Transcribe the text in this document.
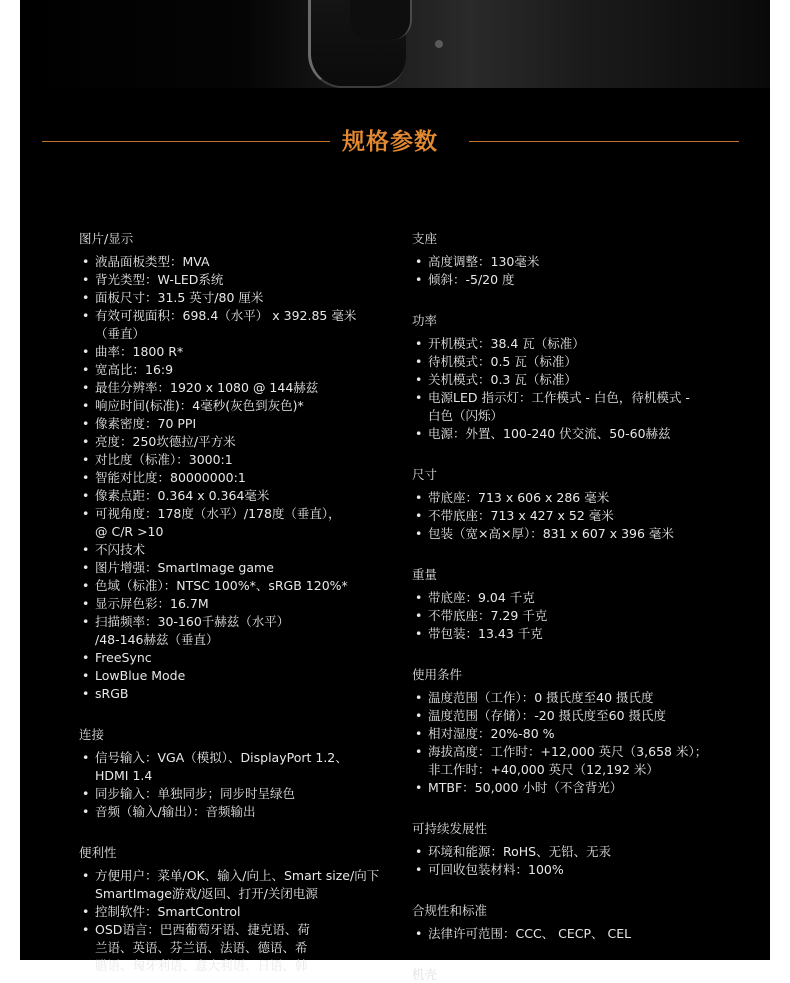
规格参数
图片/显示
• 液晶面板类型：MVA
• 背光类型：W-LED系统
• 面板尺寸：31.5 英寸/80 厘米
• 有效可视面积：698.4（水平） x 392.85 毫米
（垂直）
• 曲率：1800 R*
• 宽高比：16:9
• 最佳分辨率：1920 x 1080 @ 144赫兹
• 响应时间(标准)：4毫秒(灰色到灰色)*
• 像素密度：70 PPI
• 亮度：250坎德拉/平方米
• 对比度（标准）：3000:1
• 智能对比度：80000000:1
• 像素点距：0.364 x 0.364毫米
• 可视角度：178度（水平）/178度（垂直），
@ C/R >10
• 不闪技术
• 图片增强：SmartImage game
• 色域（标准）：NTSC 100%*、sRGB 120%*
• 显示屏色彩：16.7M
• 扫描频率：30-160千赫兹（水平）
/48-146赫兹（垂直）
• FreeSync
• LowBlue Mode
• sRGB
连接
• 信号输入：VGA（模拟）、DisplayPort 1.2、
HDMI 1.4
• 同步输入：单独同步；同步时呈绿色
• 音频（输入/输出）：音频输出
便利性
• 方便用户：菜单/OK、输入/向上、Smart size/向下
SmartImage游戏/返回、打开/关闭电源
• 控制软件：SmartControl
• OSD语言：巴西葡萄牙语、捷克语、荷
兰语、英语、芬兰语、法语、德语、希
腊语、匈牙利语、意大利语、日语、韩
支座
• 高度调整：130毫米
• 倾斜：-5/20 度
功率
• 开机模式：38.4 瓦（标准）
• 待机模式：0.5 瓦（标准）
• 关机模式：0.3 瓦（标准）
• 电源LED 指示灯：工作模式 - 白色，待机模式 -
白色（闪烁）
• 电源：外置、100-240 伏交流、50-60赫兹
尺寸
• 带底座：713 x 606 x 286 毫米
• 不带底座：713 x 427 x 52 毫米
• 包装（宽×高×厚）：831 x 607 x 396 毫米
重量
• 带底座：9.04 千克
• 不带底座：7.29 千克
• 带包装：13.43 千克
使用条件
• 温度范围（工作）：0 摄氏度至40 摄氏度
• 温度范围（存储）：-20 摄氏度至60 摄氏度
• 相对湿度：20%-80 %
• 海拔高度：工作时：+12,000 英尺（3,658 米）；
非工作时：+40,000 英尺（12,192 米）
• MTBF：50,000 小时（不含背光）
可持续发展性
• 环境和能源：RoHS、无铅、无汞
• 可回收包装材料：100%
合规性和标准
• 法律许可范围：CCC、 CECP、 CEL
机壳
